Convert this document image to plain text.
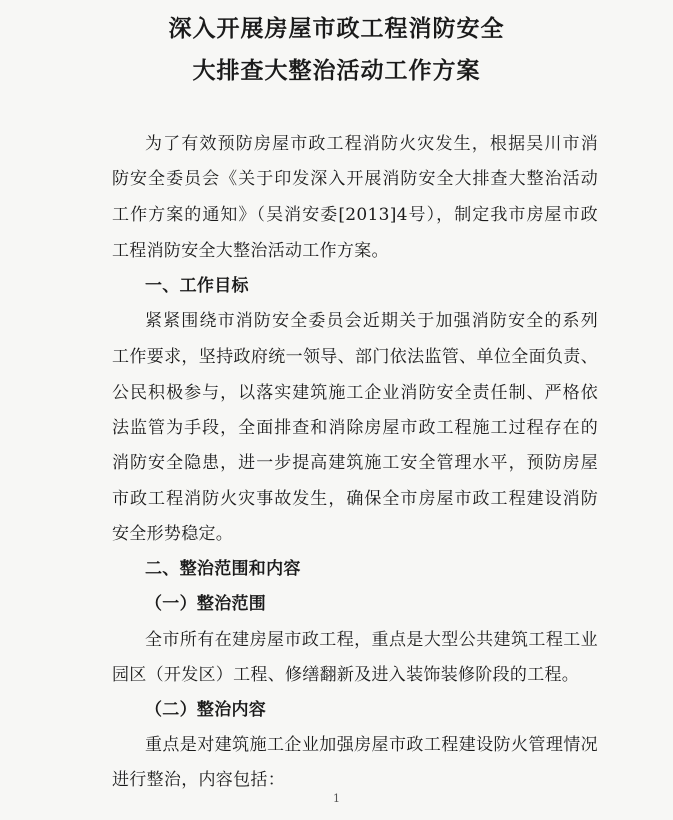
深入开展房屋市政工程消防安全
大排查大整治活动工作方案
为了有效预防房屋市政工程消防火灾发生，根据吴川市消
防安全委员会《关于印发深入开展消防安全大排查大整治活动
工作方案的通知》（吴消安委[2013]4号），制定我市房屋市政
工程消防安全大整治活动工作方案。
一、工作目标
紧紧围绕市消防安全委员会近期关于加强消防安全的系列
工作要求，坚持政府统一领导、部门依法监管、单位全面负责、
公民积极参与，以落实建筑施工企业消防安全责任制、严格依
法监管为手段，全面排查和消除房屋市政工程施工过程存在的
消防安全隐患，进一步提高建筑施工安全管理水平，预防房屋
市政工程消防火灾事故发生，确保全市房屋市政工程建设消防
安全形势稳定。
二、整治范围和内容
（一）整治范围
全市所有在建房屋市政工程，重点是大型公共建筑工程工业
园区（开发区）工程、修缮翻新及进入装饰装修阶段的工程。
（二）整治内容
重点是对建筑施工企业加强房屋市政工程建设防火管理情况
进行整治，内容包括：
1
